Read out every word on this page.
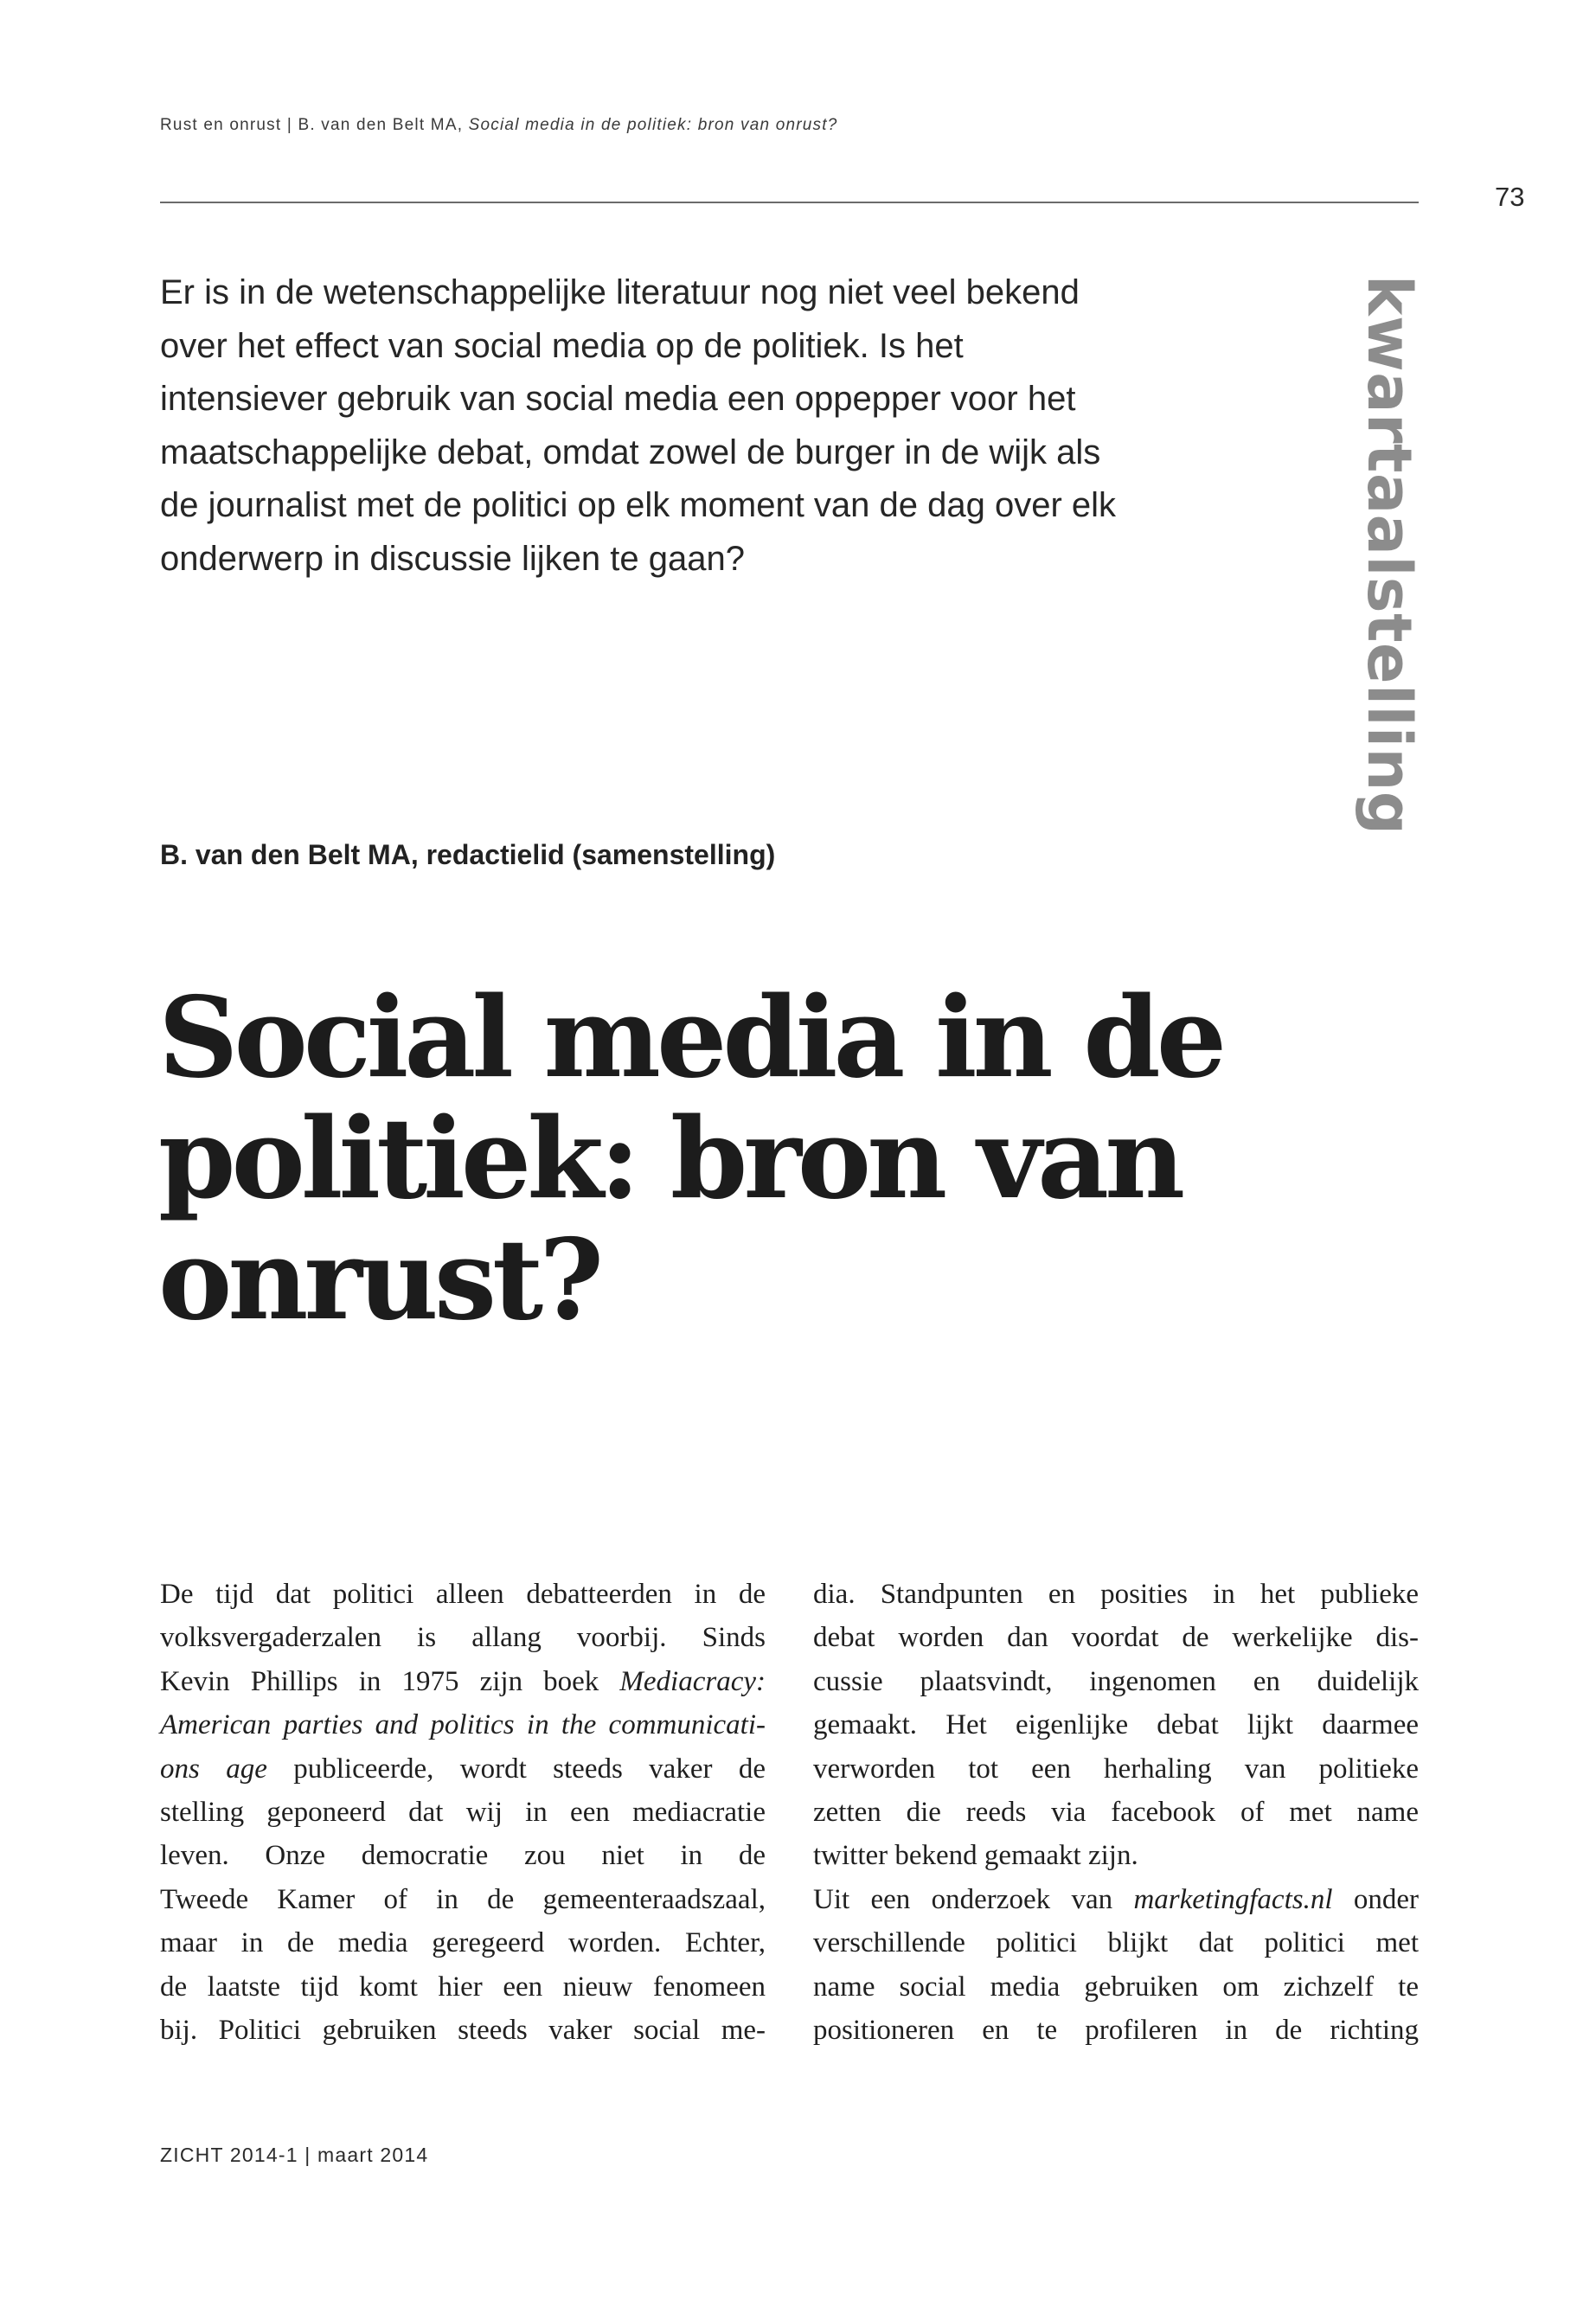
Rust en onrust | B. van den Belt MA, Social media in de politiek: bron van onrust?
73

Er is in de wetenschappelijke literatuur nog niet veel bekend over het effect van social media op de politiek. Is het intensiever gebruik van social media een oppepper voor het maatschappelijke debat, omdat zowel de burger in de wijk als de journalist met de politici op elk moment van de dag over elk onderwerp in discussie lijken te gaan?	kwartaalstelling
B. van den Belt MA, redactielid (samenstelling)
Social media in de politiek: bron van onrust?
De tijd dat politici alleen debatteerden in de
volksvergaderzalen is allang voorbij. Sinds
Kevin Phillips in 1975 zijn boek Mediacracy:
American parties and politics in the communicati-
ons age publiceerde, wordt steeds vaker de
stelling geponeerd dat wij in een mediacratie
leven. Onze democratie zou niet in de
Tweede Kamer of in de gemeenteraadszaal,
maar in de media geregeerd worden. Echter,
de laatste tijd komt hier een nieuw fenomeen
bij. Politici gebruiken steeds vaker social me-
dia. Standpunten en posities in het publieke
debat worden dan voordat de werkelijke dis-
cussie plaatsvindt, ingenomen en duidelijk
gemaakt. Het eigenlijke debat lijkt daarmee
verworden tot een herhaling van politieke
zetten die reeds via facebook of met name
twitter bekend gemaakt zijn.
Uit een onderzoek van marketingfacts.nl onder
verschillende politici blijkt dat politici met
name social media gebruiken om zichzelf te
positioneren en te profileren in de richting
ZICHT 2014-1 | maart 2014
